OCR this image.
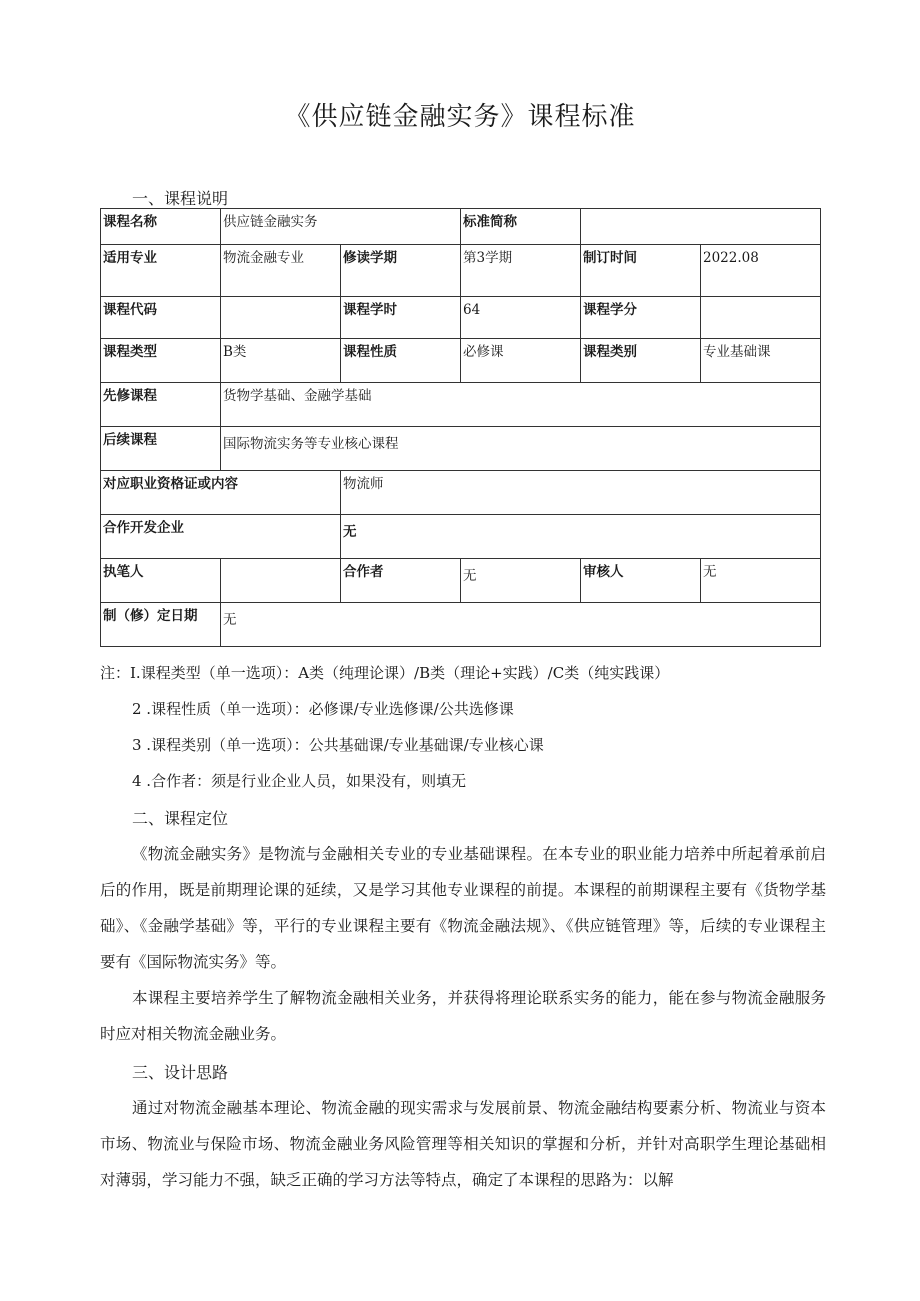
《供应链金融实务》课程标准
一、课程说明
课程名称	供应链金融实务		标准简称		
适用专业	物流金融专业	修读学期	第3学期	制订时间	2022.08
课程代码		课程学时	64	课程学分	
课程类型	B类	课程性质	必修课	课程类别	专业基础课
先修课程	货物学基础、金融学基础				
后续课程	国际物流实务等专业核心课程				
对应职业资格证或内容		物流师			
合作开发企业		无			
执笔人		合作者	无	审核人	无
制（修）定日期	无				
注：I.课程类型（单一选项）：A类（纯理论课）/B类（理论+实践）/C类（纯实践课）
2 .课程性质（单一选项）：必修课/专业选修课/公共选修课
3 .课程类别（单一选项）：公共基础课/专业基础课/专业核心课
4 .合作者：须是行业企业人员，如果没有，则填无
二、课程定位
《物流金融实务》是物流与金融相关专业的专业基础课程。在本专业的职业能力培养中所起着承前启后的作用，既是前期理论课的延续，又是学习其他专业课程的前提。本课程的前期课程主要有《货物学基础》、《金融学基础》等，平行的专业课程主要有《物流金融法规》、《供应链管理》等，后续的专业课程主要有《国际物流实务》等。
本课程主要培养学生了解物流金融相关业务，并获得将理论联系实务的能力，能在参与物流金融服务时应对相关物流金融业务。
三、设计思路
通过对物流金融基本理论、物流金融的现实需求与发展前景、物流金融结构要素分析、物流业与资本市场、物流业与保险市场、物流金融业务风险管理等相关知识的掌握和分析，并针对高职学生理论基础相对薄弱，学习能力不强，缺乏正确的学习方法等特点，确定了本课程的思路为：以解
